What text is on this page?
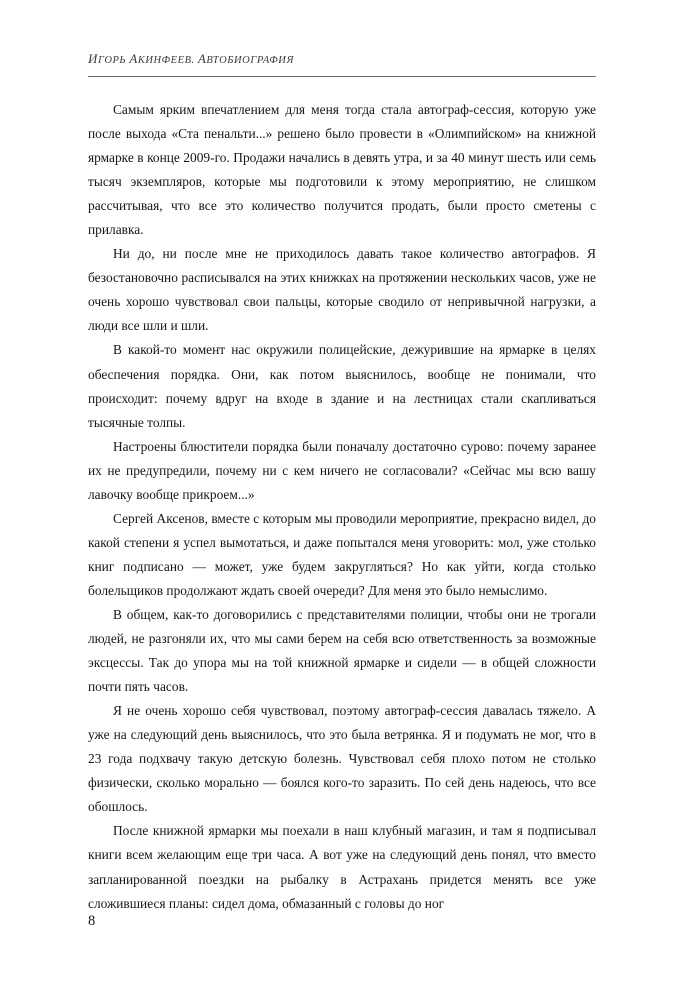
ИГОРЬ АКИНФЕЕВ. АВТОБИОГРАФИЯ

Самым ярким впечатлением для меня тогда стала автограф-сессия, которую уже после выхода «Ста пенальти...» решено было провести в «Олимпийском» на книжной ярмарке в конце 2009-го. Продажи начались в девять утра, и за 40 минут шесть или семь тысяч экземпляров, которые мы подготовили к этому мероприятию, не слишком рассчитывая, что все это количество получится продать, были просто сметены с прилавка.

Ни до, ни после мне не приходилось давать такое количество автографов. Я безостановочно расписывался на этих книжках на протяжении нескольких часов, уже не очень хорошо чувствовал свои пальцы, которые сводило от непривычной нагрузки, а люди все шли и шли.

В какой-то момент нас окружили полицейские, дежурившие на ярмарке в целях обеспечения порядка. Они, как потом выяснилось, вообще не понимали, что происходит: почему вдруг на входе в здание и на лестницах стали скапливаться тысячные толпы.

Настроены блюстители порядка были поначалу достаточно сурово: почему заранее их не предупредили, почему ни с кем ничего не согласовали? «Сейчас мы всю вашу лавочку вообще прикроем...»

Сергей Аксенов, вместе с которым мы проводили мероприятие, прекрасно видел, до какой степени я успел вымотаться, и даже попытался меня уговорить: мол, уже столько книг подписано — может, уже будем закругляться? Но как уйти, когда столько болельщиков продолжают ждать своей очереди? Для меня это было немыслимо.

В общем, как-то договорились с представителями полиции, чтобы они не трогали людей, не разгоняли их, что мы сами берем на себя всю ответственность за возможные эксцессы. Так до упора мы на той книжной ярмарке и сидели — в общей сложности почти пять часов.

Я не очень хорошо себя чувствовал, поэтому автограф-сессия давалась тяжело. А уже на следующий день выяснилось, что это была ветрянка. Я и подумать не мог, что в 23 года подхвачу такую детскую болезнь. Чувствовал себя плохо потом не столько физически, сколько морально — боялся кого-то заразить. По сей день надеюсь, что все обошлось.

После книжной ярмарки мы поехали в наш клубный магазин, и там я подписывал книги всем желающим еще три часа. А вот уже на следующий день понял, что вместо запланированной поездки на рыбалку в Астрахань придется менять все уже сложившиеся планы: сидел дома, обмазанный с головы до ног

8
